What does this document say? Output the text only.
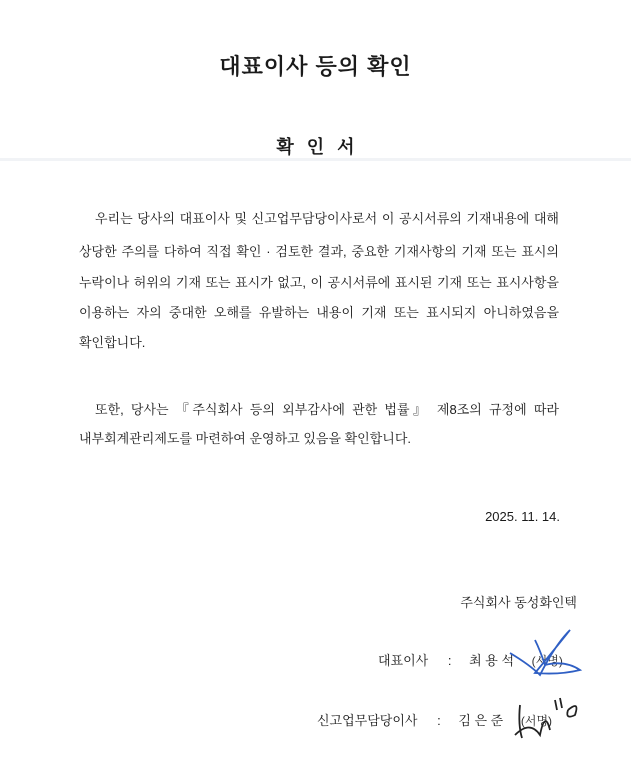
대표이사 등의 확인
확 인 서
우리는 당사의 대표이사 및 신고업무담당이사로서 이 공시서류의 기재내용에 대해
상당한 주의를 다하여 직접 확인 · 검토한 결과, 중요한 기재사항의 기재 또는 표시의
누락이나 허위의 기재 또는 표시가 없고, 이 공시서류에 표시된 기재 또는 표시사항을
이용하는 자의 중대한 오해를 유발하는 내용이 기재 또는 표시되지 아니하였음을
확인합니다.
또한, 당사는 『주식회사 등의 외부감사에 관한 법률』 제8조의 규정에 따라
내부회계관리제도를 마련하여 운영하고 있음을 확인합니다.
2025. 11. 14.
주식회사 동성화인텍
대표이사 : 최 용 석 (서명)
신고업무담당이사 : 김 은 준 (서명)
